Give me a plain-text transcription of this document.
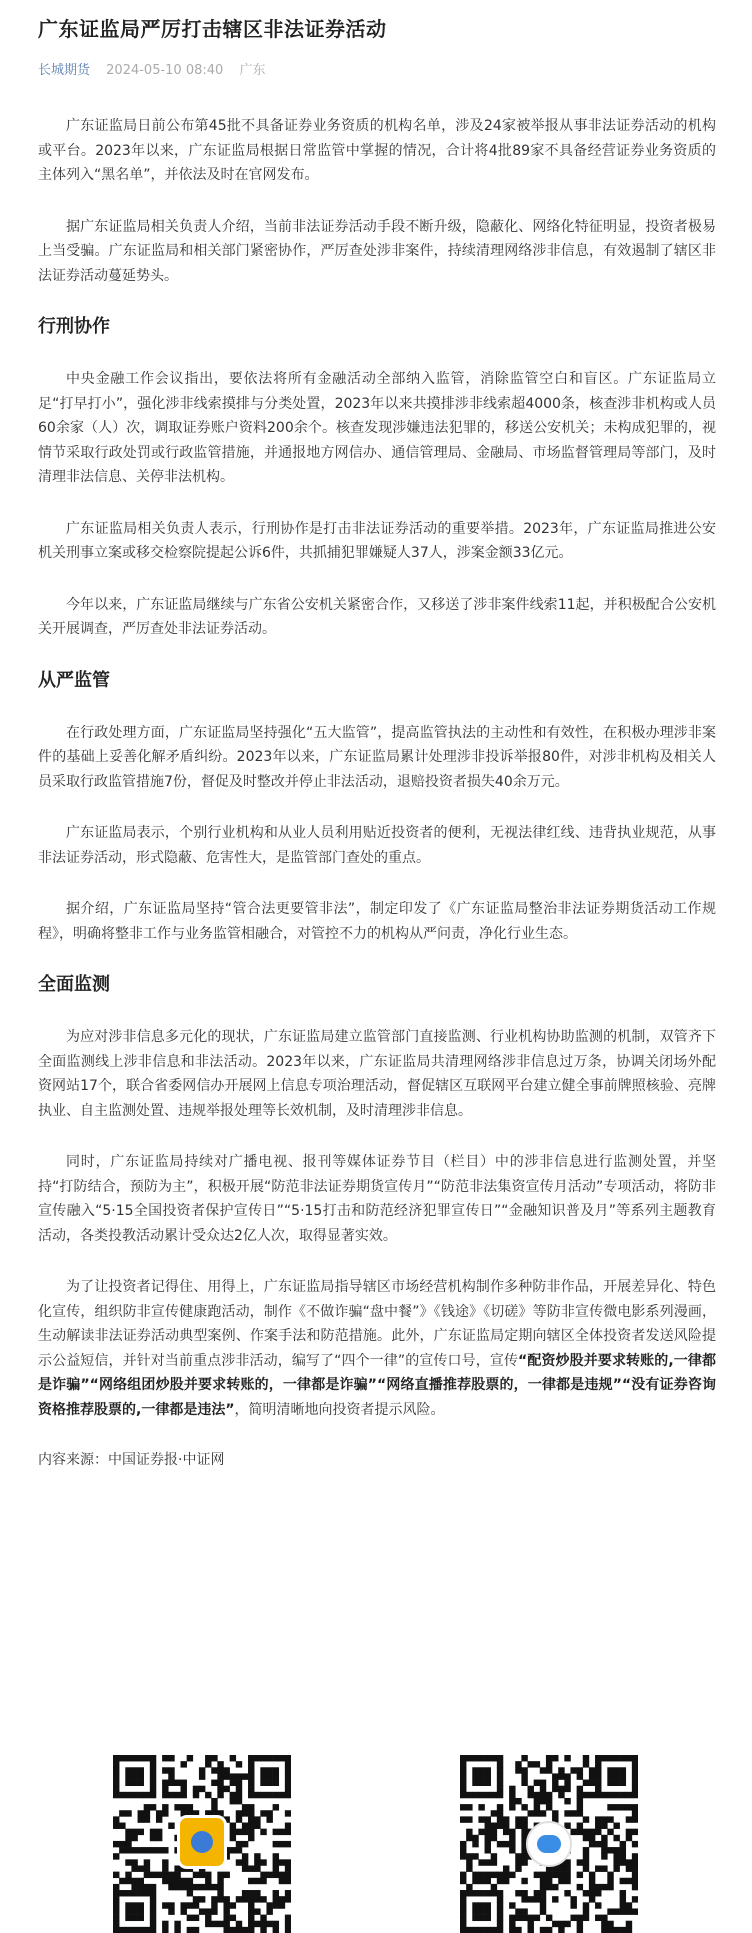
广东证监局严厉打击辖区非法证券活动
长城期货 2024-05-10 08:40 广东

广东证监局日前公布第45批不具备证券业务资质的机构名单，涉及24家被举报从事非法证券活动的机构或平台。2023年以来，广东证监局根据日常监管中掌握的情况，合计将4批89家不具备经营证券业务资质的主体列入“黑名单”，并依法及时在官网发布。

据广东证监局相关负责人介绍，当前非法证券活动手段不断升级，隐蔽化、网络化特征明显，投资者极易上当受骗。广东证监局和相关部门紧密协作，严厉查处涉非案件，持续清理网络涉非信息，有效遏制了辖区非法证券活动蔓延势头。

行刑协作

中央金融工作会议指出，要依法将所有金融活动全部纳入监管，消除监管空白和盲区。广东证监局立足“打早打小”，强化涉非线索摸排与分类处置，2023年以来共摸排涉非线索超4000条，核查涉非机构或人员60余家（人）次，调取证券账户资料200余个。核查发现涉嫌违法犯罪的，移送公安机关；未构成犯罪的，视情节采取行政处罚或行政监管措施，并通报地方网信办、通信管理局、金融局、市场监督管理局等部门，及时清理非法信息、关停非法机构。

广东证监局相关负责人表示，行刑协作是打击非法证券活动的重要举措。2023年，广东证监局推进公安机关刑事立案或移交检察院提起公诉6件，共抓捕犯罪嫌疑人37人，涉案金额33亿元。

今年以来，广东证监局继续与广东省公安机关紧密合作，又移送了涉非案件线索11起，并积极配合公安机关开展调查，严厉查处非法证券活动。

从严监管

在行政处理方面，广东证监局坚持强化“五大监管”，提高监管执法的主动性和有效性，在积极办理涉非案件的基础上妥善化解矛盾纠纷。2023年以来，广东证监局累计处理涉非投诉举报80件，对涉非机构及相关人员采取行政监管措施7份，督促及时整改并停止非法活动，退赔投资者损失40余万元。

广东证监局表示，个别行业机构和从业人员利用贴近投资者的便利，无视法律红线、违背执业规范，从事非法证券活动，形式隐蔽、危害性大，是监管部门查处的重点。

据介绍，广东证监局坚持“管合法更要管非法”，制定印发了《广东证监局整治非法证券期货活动工作规程》，明确将整非工作与业务监管相融合，对管控不力的机构从严问责，净化行业生态。

全面监测

为应对涉非信息多元化的现状，广东证监局建立监管部门直接监测、行业机构协助监测的机制，双管齐下全面监测线上涉非信息和非法活动。2023年以来，广东证监局共清理网络涉非信息过万条，协调关闭场外配资网站17个，联合省委网信办开展网上信息专项治理活动，督促辖区互联网平台建立健全事前牌照核验、亮牌执业、自主监测处置、违规举报处理等长效机制，及时清理涉非信息。

同时，广东证监局持续对广播电视、报刊等媒体证券节目（栏目）中的涉非信息进行监测处置，并坚持“打防结合，预防为主”，积极开展“防范非法证券期货宣传月”“防范非法集资宣传月活动”专项活动，将防非宣传融入“5·15全国投资者保护宣传日”“5·15打击和防范经济犯罪宣传日”“金融知识普及月”等系列主题教育活动，各类投教活动累计受众达2亿人次，取得显著实效。

为了让投资者记得住、用得上，广东证监局指导辖区市场经营机构制作多种防非作品，开展差异化、特色化宣传，组织防非宣传健康跑活动，制作《不做诈骗“盘中餐”》《钱途》《切磋》等防非宣传微电影系列漫画，生动解读非法证券活动典型案例、作案手法和防范措施。此外，广东证监局定期向辖区全体投资者发送风险提示公益短信，并针对当前重点涉非活动，编写了“四个一律”的宣传口号，宣传“配资炒股并要求转账的,一律都是诈骗”“网络组团炒股并要求转账的，一律都是诈骗”“网络直播推荐股票的，一律都是违规”“没有证券咨询资格推荐股票的,一律都是违法”，简明清晰地向投资者提示风险。

内容来源：中国证券报·中证网
